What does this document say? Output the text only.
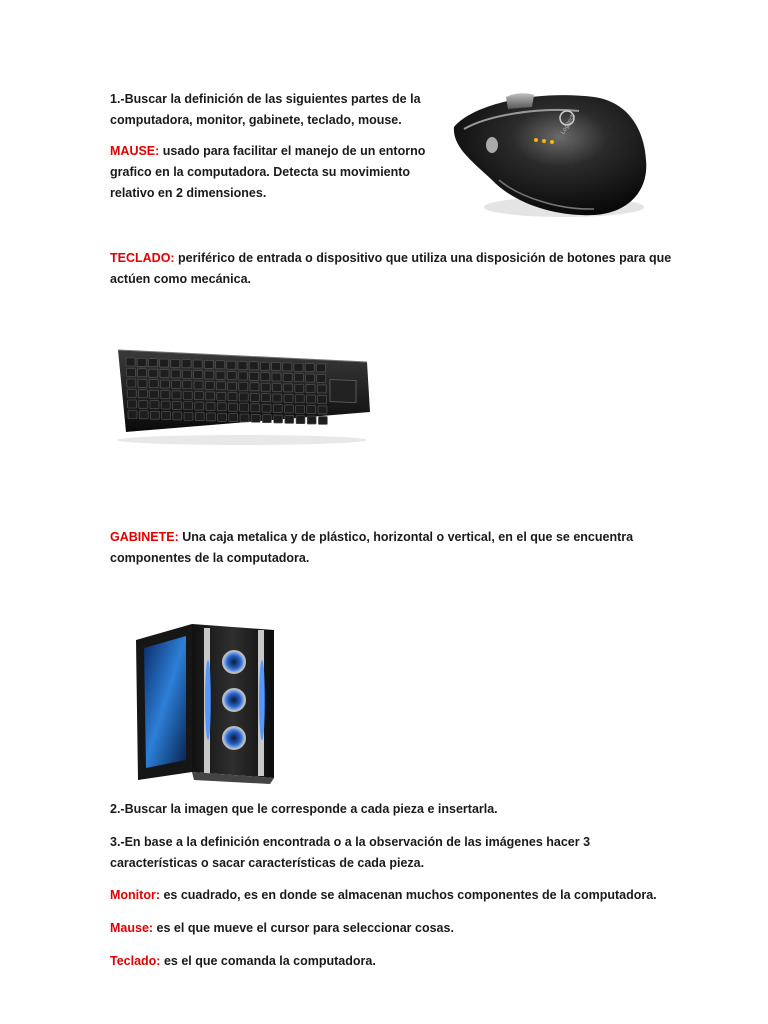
1.-Buscar la definición de las siguientes partes de la
computadora, monitor, gabinete, teclado, mouse.
MAUSE: usado para facilitar el manejo de un entorno
grafico en la computadora. Detecta su movimiento
relativo en 2 dimensiones.
Logitech
TECLADO: periférico de entrada o dispositivo que utiliza una disposición de botones para que
actúen como mecánica.
GABINETE: Una caja metalica y de plástico, horizontal o vertical, en el que se encuentra
componentes de la computadora.
2.-Buscar la imagen que le corresponde a cada pieza e insertarla.
3.-En base a la definición encontrada o a la observación de las imágenes hacer 3
características o sacar características de cada pieza.
Monitor: es cuadrado, es en donde se almacenan muchos componentes de la computadora.
Mause: es el que mueve el cursor para seleccionar cosas.
Teclado: es el que comanda la computadora.
